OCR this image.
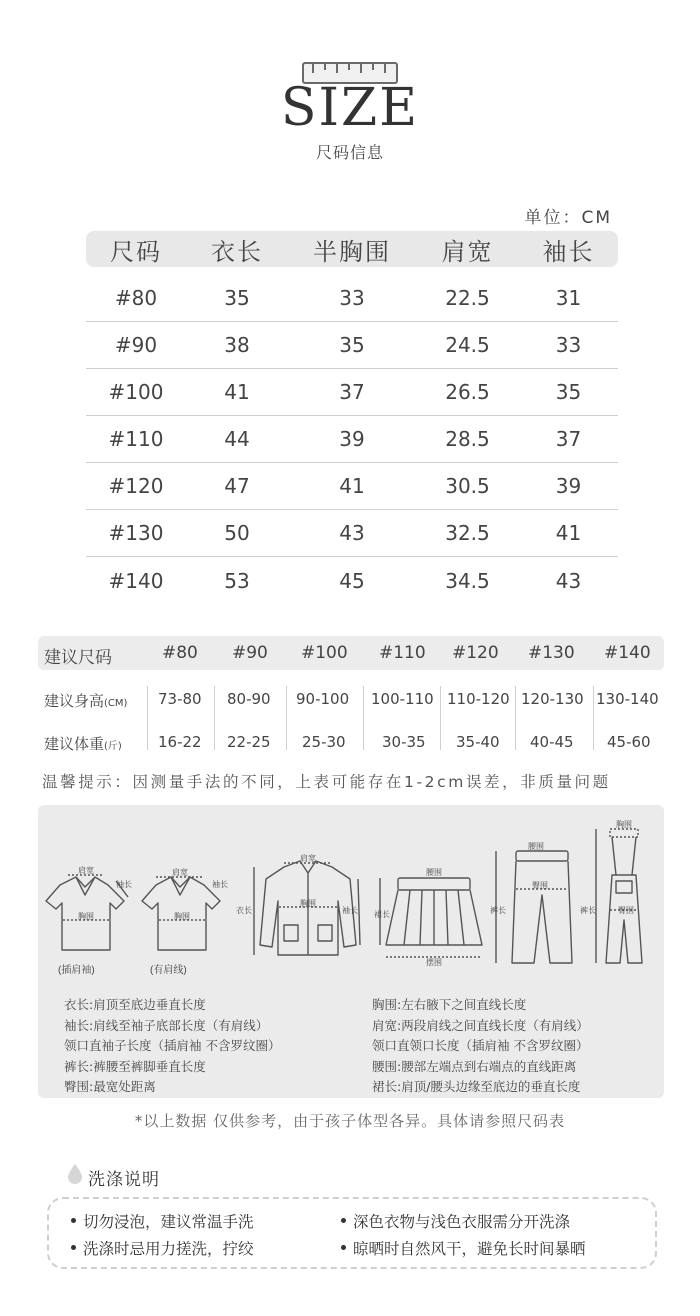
SIZE
尺码信息
单位：CM
尺码	衣长	半胸围	肩宽	袖长
#80	35	33	22.5	31
#90	38	35	24.5	33
#100	41	37	26.5	35
#110	44	39	28.5	37
#120	47	41	30.5	39
#130	50	43	32.5	41
#140	53	45	34.5	43
建议尺码	#80 #90 #100 #110 #120 #130 #140
建议身高(CM) 73-80 80-90 90-100 100-110 110-120 120-130 130-140
建议体重(斤) 16-22 22-25 25-30 30-35 35-40 40-45 45-60
温馨提示：因测量手法的不同，上表可能存在1-2cm误差，非质量问题
肩宽
袖长
胸围
肩宽
袖长
胸围
肩宽
胸围
衣长	袖长
腰围
裙长
摆围
腰围
臀围
裤长
胸围
臀围
裤长
(插肩袖)	(有肩线)
衣长:肩顶至底边垂直长度
袖长:肩线至袖子底部长度（有肩线）
领口直袖子长度（插肩袖 不含罗纹圈）
裤长:裤腰至裤脚垂直长度
臀围:最宽处距离
胸围:左右腋下之间直线长度
肩宽:两段肩线之间直线长度（有肩线）
领口直领口长度（插肩袖 不含罗纹圈）
腰围:腰部左端点到右端点的直线距离
裙长:肩顶/腰头边缘至底边的垂直长度
*以上数据 仅供参考，由于孩子体型各异。具体请参照尺码表
洗涤说明
切勿浸泡，建议常温手洗	深色衣物与浅色衣服需分开洗涤
洗涤时忌用力搓洗，拧绞	晾晒时自然风干，避免长时间暴晒
